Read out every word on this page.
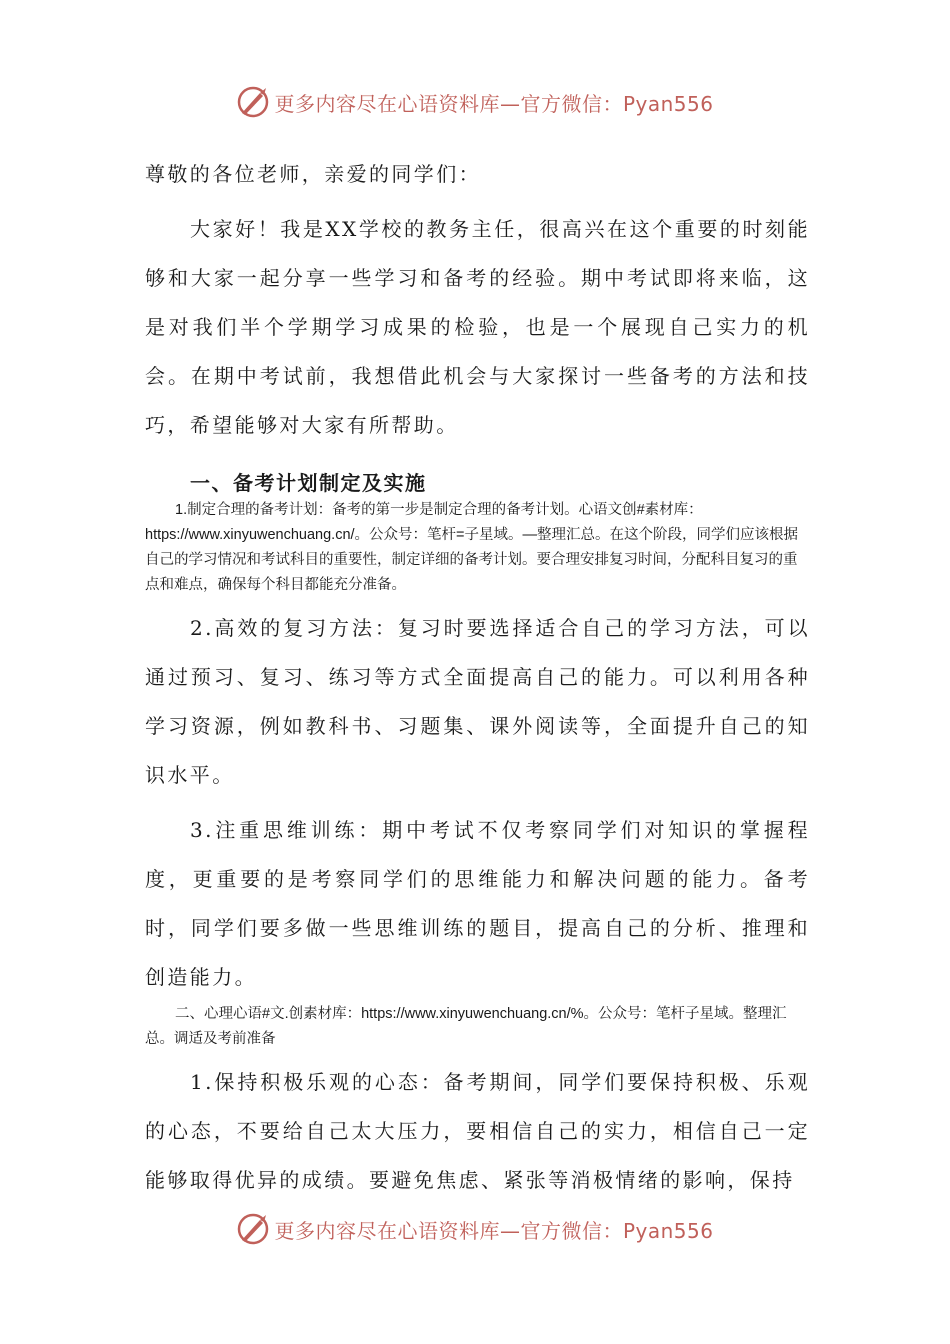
更多内容尽在心语资料库—官方微信：Pyan556

尊敬的各位老师，亲爱的同学们：

大家好！我是XX学校的教务主任，很高兴在这个重要的时刻能够和大家一起分享一些学习和备考的经验。期中考试即将来临，这是对我们半个学期学习成果的检验，也是一个展现自己实力的机会。在期中考试前，我想借此机会与大家探讨一些备考的方法和技巧，希望能够对大家有所帮助。

一、备考计划制定及实施

1.制定合理的备考计划：备考的第一步是制定合理的备考计划。心语文创#素材库：https://www.xinyuwenchuang.cn/。公众号：笔杆=子星域。—整理汇总。在这个阶段，同学们应该根据自己的学习情况和考试科目的重要性，制定详细的备考计划。要合理安排复习时间，分配科目复习的重点和难点，确保每个科目都能充分准备。

2.高效的复习方法：复习时要选择适合自己的学习方法，可以通过预习、复习、练习等方式全面提高自己的能力。可以利用各种学习资源，例如教科书、习题集、课外阅读等，全面提升自己的知识水平。

3.注重思维训练：期中考试不仅考察同学们对知识的掌握程度，更重要的是考察同学们的思维能力和解决问题的能力。备考时，同学们要多做一些思维训练的题目，提高自己的分析、推理和创造能力。

二、心理心语#文.创素材库：https://www.xinyuwenchuang.cn/%。公众号：笔杆子星域。整理汇总。调适及考前准备

1.保持积极乐观的心态：备考期间，同学们要保持积极、乐观的心态，不要给自己太大压力，要相信自己的实力，相信自己一定能够取得优异的成绩。要避免焦虑、紧张等消极情绪的影响，保持

更多内容尽在心语资料库—官方微信：Pyan556
